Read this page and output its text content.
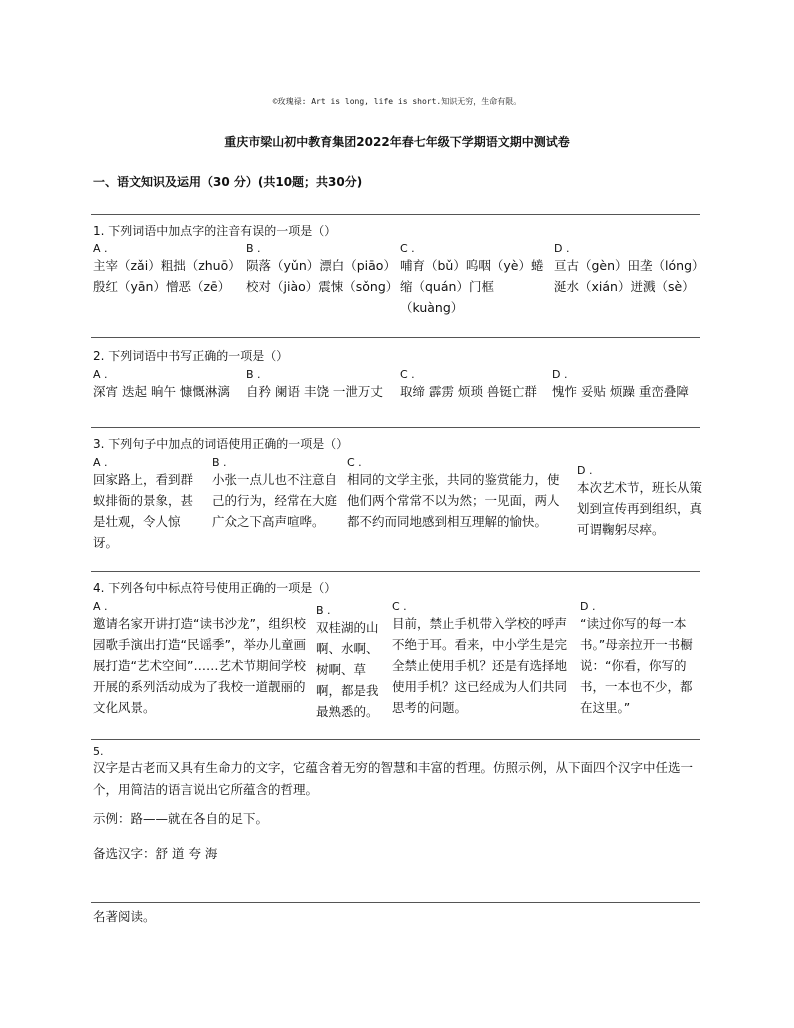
©玫瑰禄: Art is long, life is short.知识无穷，生命有限。
重庆市梁山初中教育集团2022年春七年级下学期语文期中测试卷
一、语文知识及运用（30 分）(共10题；共30分)
1. 下列词语中加点字的注音有误的一项是（）
A .
主宰（zǎi）粗拙（zhuō）殷红（yān）憎恶（zē）
B .
陨落（yǔn）漂白（piāo）校对（jiào）震悚（sǒng）
C .
哺育（bǔ）呜咽（yè）蜷缩（quán）门框（kuàng）
D .
亘古（gèn）田垄（lóng）涎水（xián）迸溅（sè）
2. 下列词语中书写正确的一项是（）
A .
深宵 迭起 晌午 慷慨淋漓
B .
自矜 阑语 丰饶 一泄万丈
C .
取缔 霹雳 烦琐 兽铤亡群
D .
愧怍 妥贴 烦躁 重峦叠障
3. 下列句子中加点的词语使用正确的一项是（）
A .
回家路上，看到群蚁排衙的景象，甚是壮观，令人惊讶。
B .
小张一点儿也不注意自己的行为，经常在大庭广众之下高声喧哗。
C .
相同的文学主张，共同的鉴赏能力，使他们两个常常不以为然；一见面，两人都不约而同地感到相互理解的愉快。
D .
本次艺术节，班长从策划到宣传再到组织，真可谓鞠躬尽瘁。
4. 下列各句中标点符号使用正确的一项是（）
A .
邀请名家开讲打造“读书沙龙”，组织校园歌手演出打造“民谣季”，举办儿童画展打造“艺术空间”……艺术节期间学校开展的系列活动成为了我校一道靓丽的文化风景。
B .
双桂湖的山啊、水啊、树啊、草啊，都是我最熟悉的。
C .
目前，禁止手机带入学校的呼声不绝于耳。看来，中小学生是完全禁止使用手机？还是有选择地使用手机？这已经成为人们共同思考的问题。
D .
“读过你写的每一本书。”母亲拉开一书橱说：“你看，你写的书，一本也不少，都在这里。”
5.
汉字是古老而又具有生命力的文字，它蕴含着无穷的智慧和丰富的哲理。仿照示例，从下面四个汉字中任选一个，用简洁的语言说出它所蕴含的哲理。
示例：路——就在各自的足下。
备选汉字：舒 道 夸 海
名著阅读。
